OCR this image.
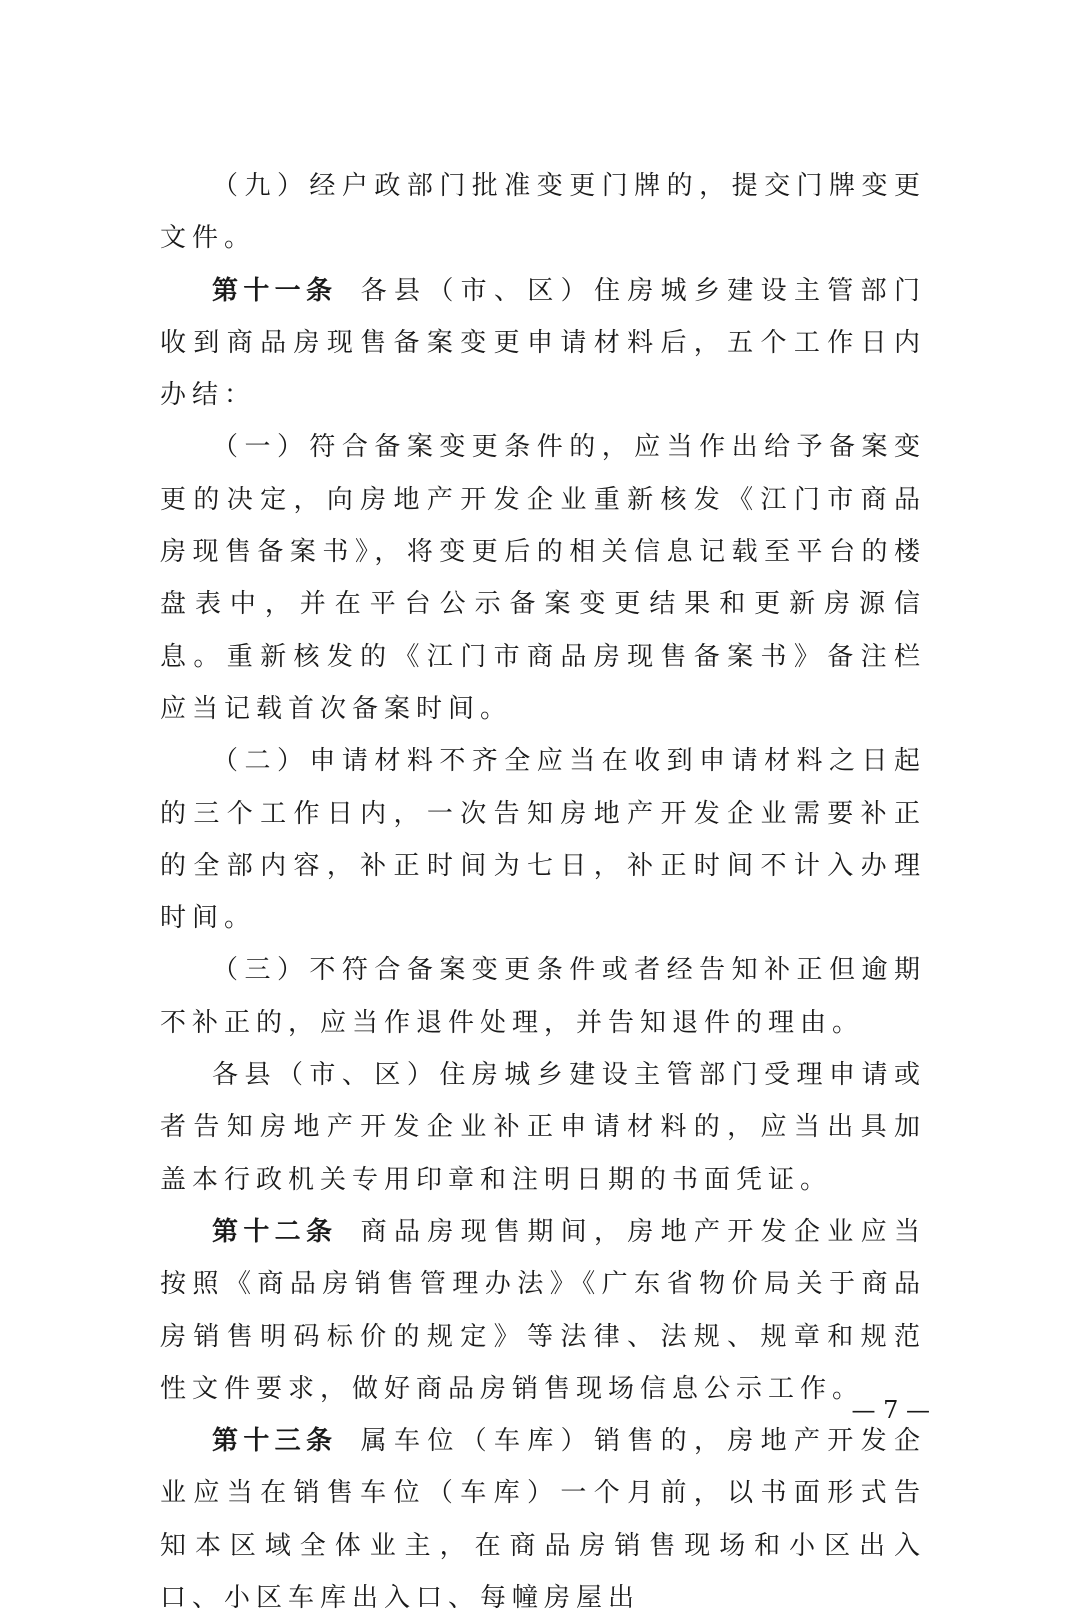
（九）经户政部门批准变更门牌的，提交门牌变更文件。

第十一条 各县（市、区）住房城乡建设主管部门收到商品房现售备案变更申请材料后，五个工作日内办结：

（一）符合备案变更条件的，应当作出给予备案变更的决定，向房地产开发企业重新核发《江门市商品房现售备案书》，将变更后的相关信息记载至平台的楼盘表中，并在平台公示备案变更结果和更新房源信息。重新核发的《江门市商品房现售备案书》备注栏应当记载首次备案时间。

（二）申请材料不齐全应当在收到申请材料之日起的三个工作日内，一次告知房地产开发企业需要补正的全部内容，补正时间为七日，补正时间不计入办理时间。

（三）不符合备案变更条件或者经告知补正但逾期不补正的，应当作退件处理，并告知退件的理由。

各县（市、区）住房城乡建设主管部门受理申请或者告知房地产开发企业补正申请材料的，应当出具加盖本行政机关专用印章和注明日期的书面凭证。

第十二条 商品房现售期间，房地产开发企业应当按照《商品房销售管理办法》《广东省物价局关于商品房销售明码标价的规定》等法律、法规、规章和规范性文件要求，做好商品房销售现场信息公示工作。

第十三条 属车位（车库）销售的，房地产开发企业应当在销售车位（车库）一个月前，以书面形式告知本区域全体业主，在商品房销售现场和小区出入口、小区车库出入口、每幢房屋出

— 7 —
